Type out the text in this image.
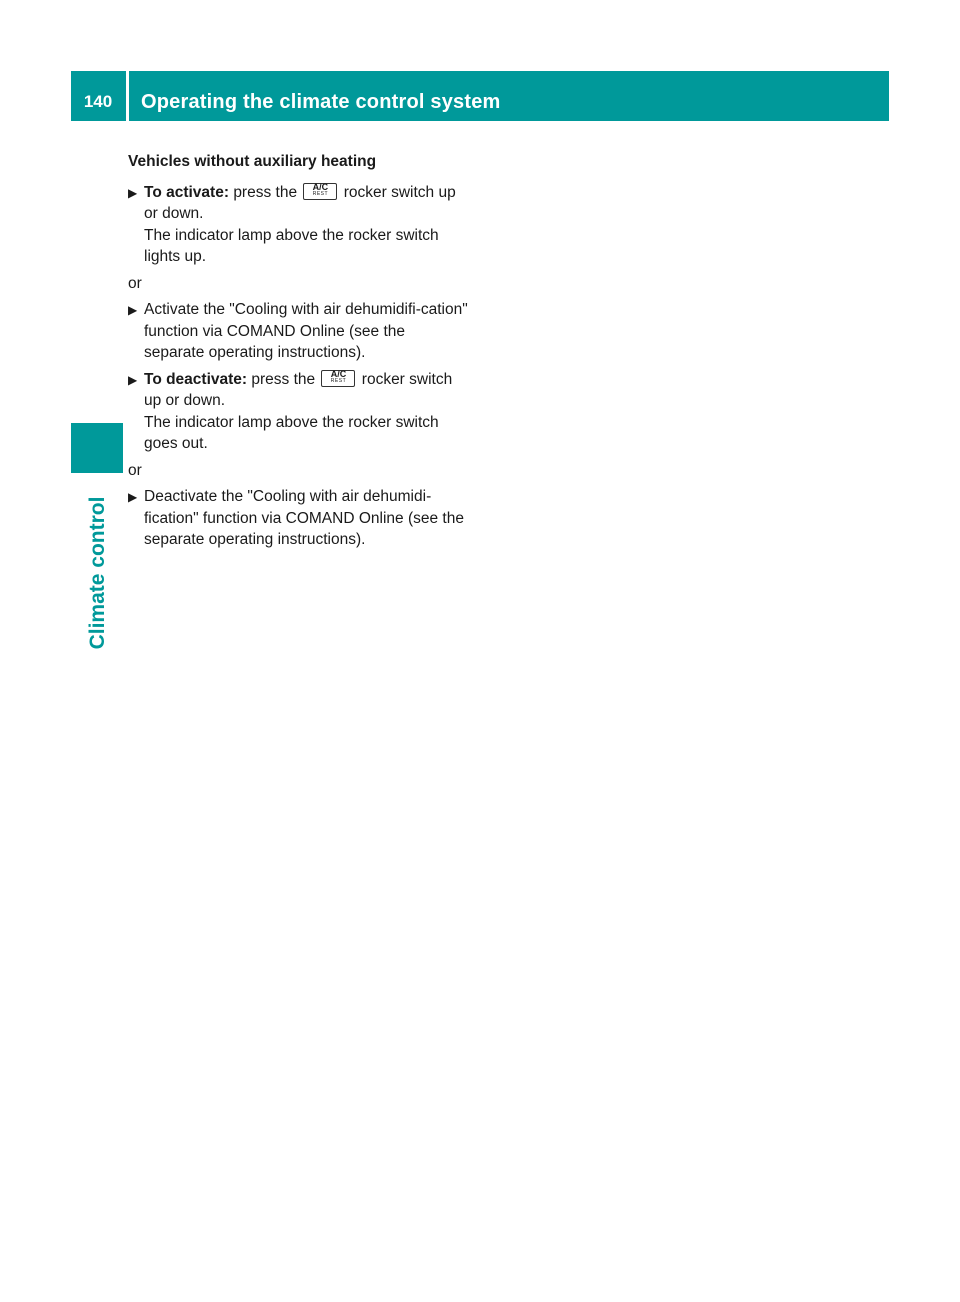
140	Operating the climate control system
Climate control

Vehicles without auxiliary heating

▶ To activate: press the	A/C
REST	rocker switch up or down.
The indicator lamp above the rocker switch lights up.

or

▶ Activate the "Cooling with air dehumidifi-cation" function via COMAND Online (see the separate operating instructions).

▶ To deactivate: press the	A/C
REST	rocker switch up or down.
The indicator lamp above the rocker switch goes out.

or

▶ Deactivate the "Cooling with air dehumidi-fication" function via COMAND Online (see the separate operating instructions).
